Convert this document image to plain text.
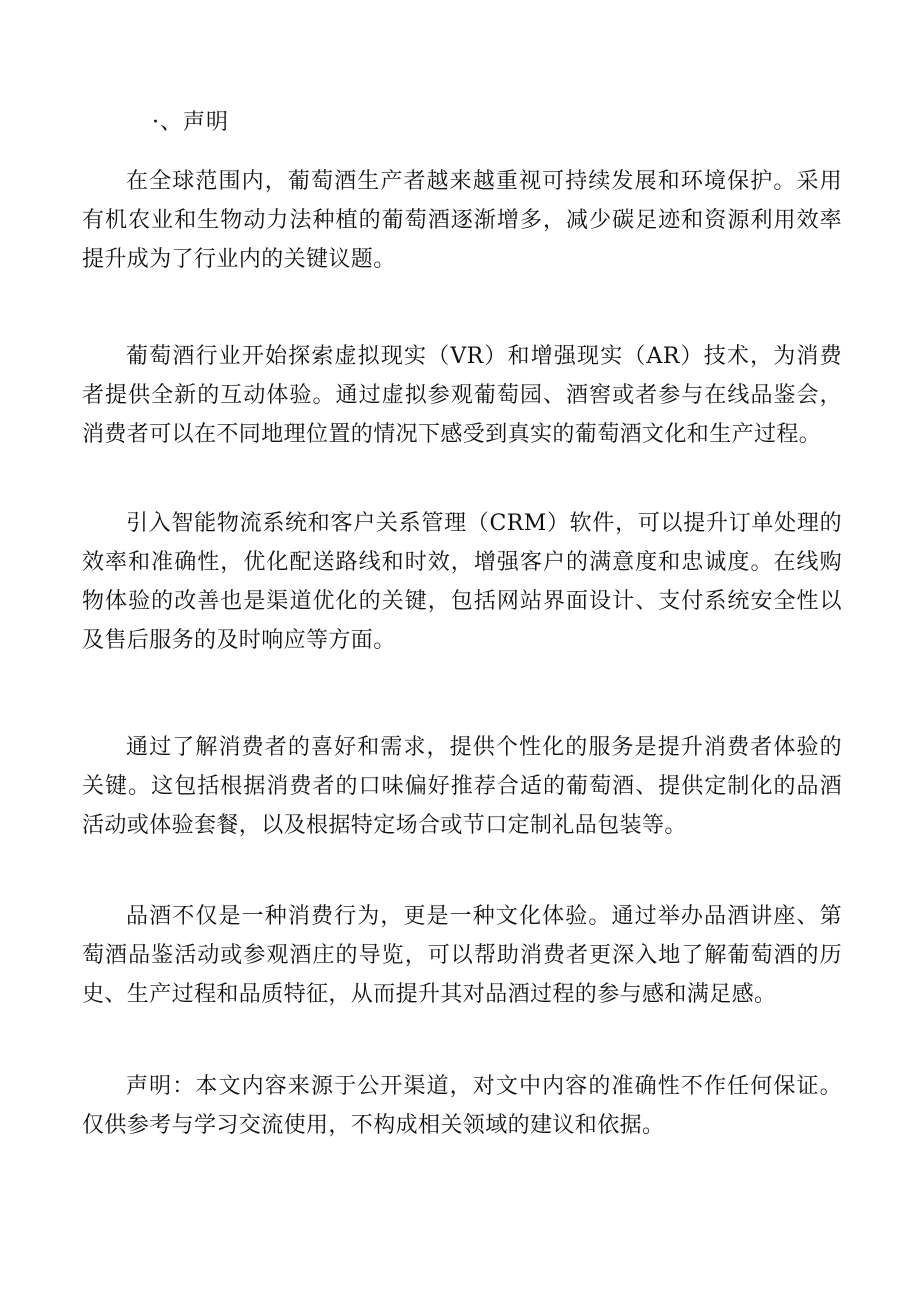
·、声明

在全球范围内，葡萄酒生产者越来越重视可持续发展和环境保护。采用有机农业和生物动力法种植的葡萄酒逐渐增多，减少碳足迹和资源利用效率提升成为了行业内的关键议题。

葡萄酒行业开始探索虚拟现实（VR）和增强现实（AR）技术，为消费者提供全新的互动体验。通过虚拟参观葡萄园、酒窖或者参与在线品鉴会，消费者可以在不同地理位置的情况下感受到真实的葡萄酒文化和生产过程。

引入智能物流系统和客户关系管理（CRM）软件，可以提升订单处理的效率和准确性，优化配送路线和时效，增强客户的满意度和忠诚度。在线购物体验的改善也是渠道优化的关键，包括网站界面设计、支付系统安全性以及售后服务的及时响应等方面。

通过了解消费者的喜好和需求，提供个性化的服务是提升消费者体验的关键。这包括根据消费者的口味偏好推荐合适的葡萄酒、提供定制化的品酒活动或体验套餐，以及根据特定场合或节口定制礼品包装等。

品酒不仅是一种消费行为，更是一种文化体验。通过举办品酒讲座、第萄酒品鉴活动或参观酒庄的导览，可以帮助消费者更深入地了解葡萄酒的历史、生产过程和品质特征，从而提升其对品酒过程的参与感和满足感。

声明：本文内容来源于公开渠道，对文中内容的准确性不作任何保证。仅供参考与学习交流使用，不构成相关领域的建议和依据。
